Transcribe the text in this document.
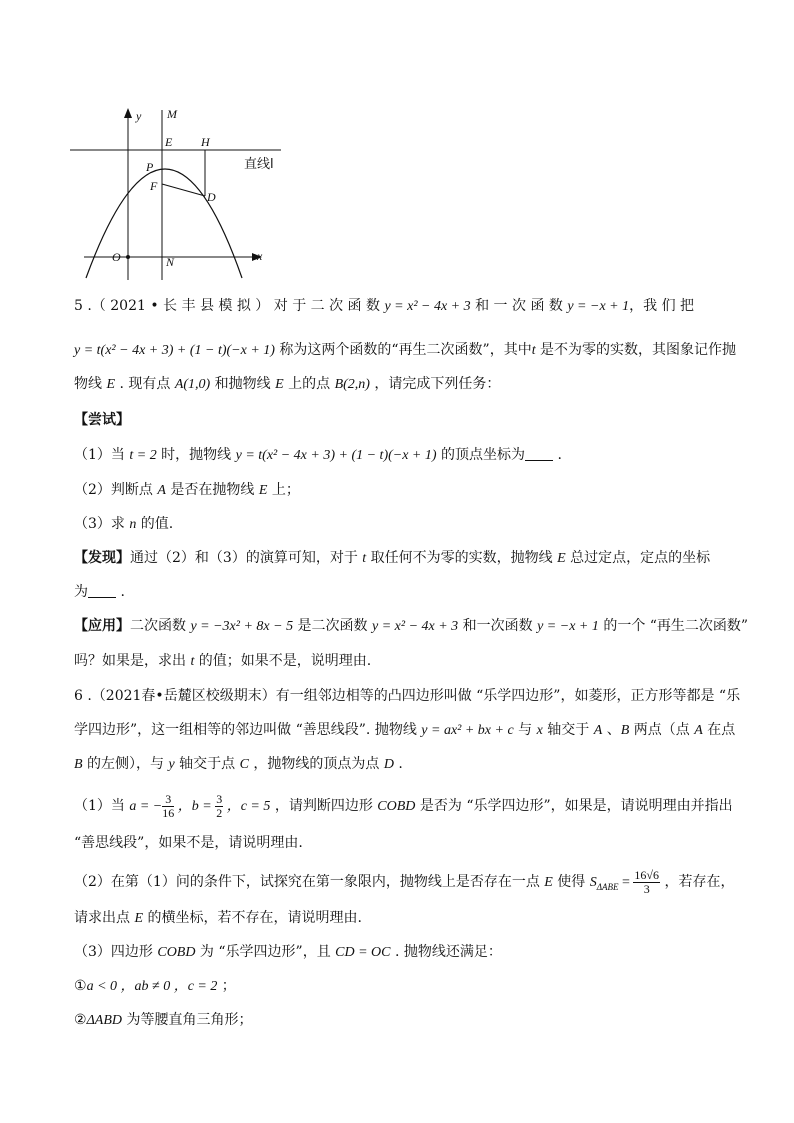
y M
E H
直线l
P
F
D
O	N	x
5 .（ 2021 • 长 丰 县 模 拟 ） 对 于 二 次 函 数 y = x² − 4x + 3 和 一 次 函 数 y = −x + 1，我 们 把
y = t(x² − 4x + 3) + (1 − t)(−x + 1) 称为这两个函数的“再生二次函数”，其中t 是不为零的实数，其图象记作抛
物线 E . 现有点 A(1,0) 和抛物线 E 上的点 B(2,n) ，请完成下列任务：
【尝试】
（1）当 t = 2 时，抛物线 y = t(x² − 4x + 3) + (1 − t)(−x + 1) 的顶点坐标为 .
（2）判断点 A 是否在抛物线 E 上；
（3）求 n 的值.
【发现】通过（2）和（3）的演算可知，对于 t 取任何不为零的实数，抛物线 E 总过定点，定点的坐标
为 .
【应用】二次函数 y = −3x² + 8x − 5 是二次函数 y = x² − 4x + 3 和一次函数 y = −x + 1 的一个 “再生二次函数”
吗？如果是，求出 t 的值；如果不是，说明理由.
6 .（2021春•岳麓区校级期末）有一组邻边相等的凸四边形叫做 “乐学四边形”，如菱形，正方形等都是 “乐
学四边形”，这一组相等的邻边叫做 “善思线段”. 抛物线 y = ax² + bx + c 与 x 轴交于 A 、B 两点（点 A 在点
B 的左侧），与 y 轴交于点 C ，抛物线的顶点为点 D .
（1）当 a = − $\frac{3}{16}$ ，$b = \frac{3}{2}$ ，c = 5 ，请判断四边形 COBD 是否为 “乐学四边形”，如果是，请说明理由并指出
“善思线段”，如果不是，请说明理由.
（2）在第（1）问的条件下，试探究在第一象限内，抛物线上是否存在一点 E 使得 $S_{\Delta ABE} = \frac{16√6}{3}$ ，若存在，
请求出点 E 的横坐标，若不存在，请说明理由.
（3）四边形 COBD 为 “乐学四边形”，且 CD = OC . 抛物线还满足：
①a < 0 ，ab ≠ 0 ，c = 2 ；
②ΔABD 为等腰直角三角形；
